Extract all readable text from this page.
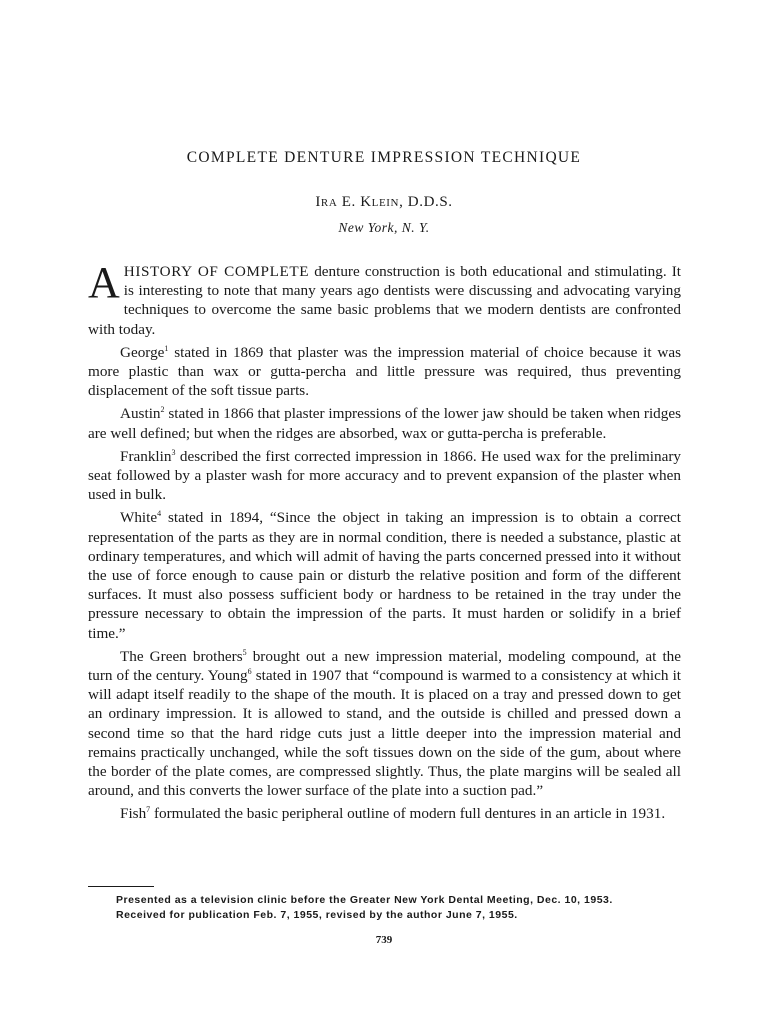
COMPLETE DENTURE IMPRESSION TECHNIQUE
Ira E. Klein, D.D.S.
New York, N. Y.

AHISTORY OF COMPLETE denture construction is both educational and stimulating. It is interesting to note that many years ago dentists were discussing and advocating varying techniques to overcome the same basic problems that we modern dentists are confronted with today.

George$^1$ stated in 1869 that plaster was the impression material of choice because it was more plastic than wax or gutta-percha and little pressure was required, thus preventing displacement of the soft tissue parts.

Austin$^2$ stated in 1866 that plaster impressions of the lower jaw should be taken when ridges are well defined; but when the ridges are absorbed, wax or gutta-percha is preferable.

Franklin$^3$ described the first corrected impression in 1866. He used wax for the preliminary seat followed by a plaster wash for more accuracy and to prevent expansion of the plaster when used in bulk.

White$^4$ stated in 1894, “Since the object in taking an impression is to obtain a correct representation of the parts as they are in normal condition, there is needed a substance, plastic at ordinary temperatures, and which will admit of having the parts concerned pressed into it without the use of force enough to cause pain or disturb the relative position and form of the different surfaces. It must also possess sufficient body or hardness to be retained in the tray under the pressure necessary to obtain the impression of the parts. It must harden or solidify in a brief time.”

The Green brothers$^5$ brought out a new impression material, modeling compound, at the turn of the century. Young$^6$ stated in 1907 that “compound is warmed to a consistency at which it will adapt itself readily to the shape of the mouth. It is placed on a tray and pressed down to get an ordinary impression. It is allowed to stand, and the outside is chilled and pressed down a second time so that the hard ridge cuts just a little deeper into the impression material and remains practically unchanged, while the soft tissues down on the side of the gum, about where the border of the plate comes, are compressed slightly. Thus, the plate margins will be sealed all around, and this converts the lower surface of the plate into a suction pad.”

Fish$^7$ formulated the basic peripheral outline of modern full dentures in an article in 1931.

Presented as a television clinic before the Greater New York Dental Meeting, Dec. 10, 1953.
Received for publication Feb. 7, 1955, revised by the author June 7, 1955.
739
